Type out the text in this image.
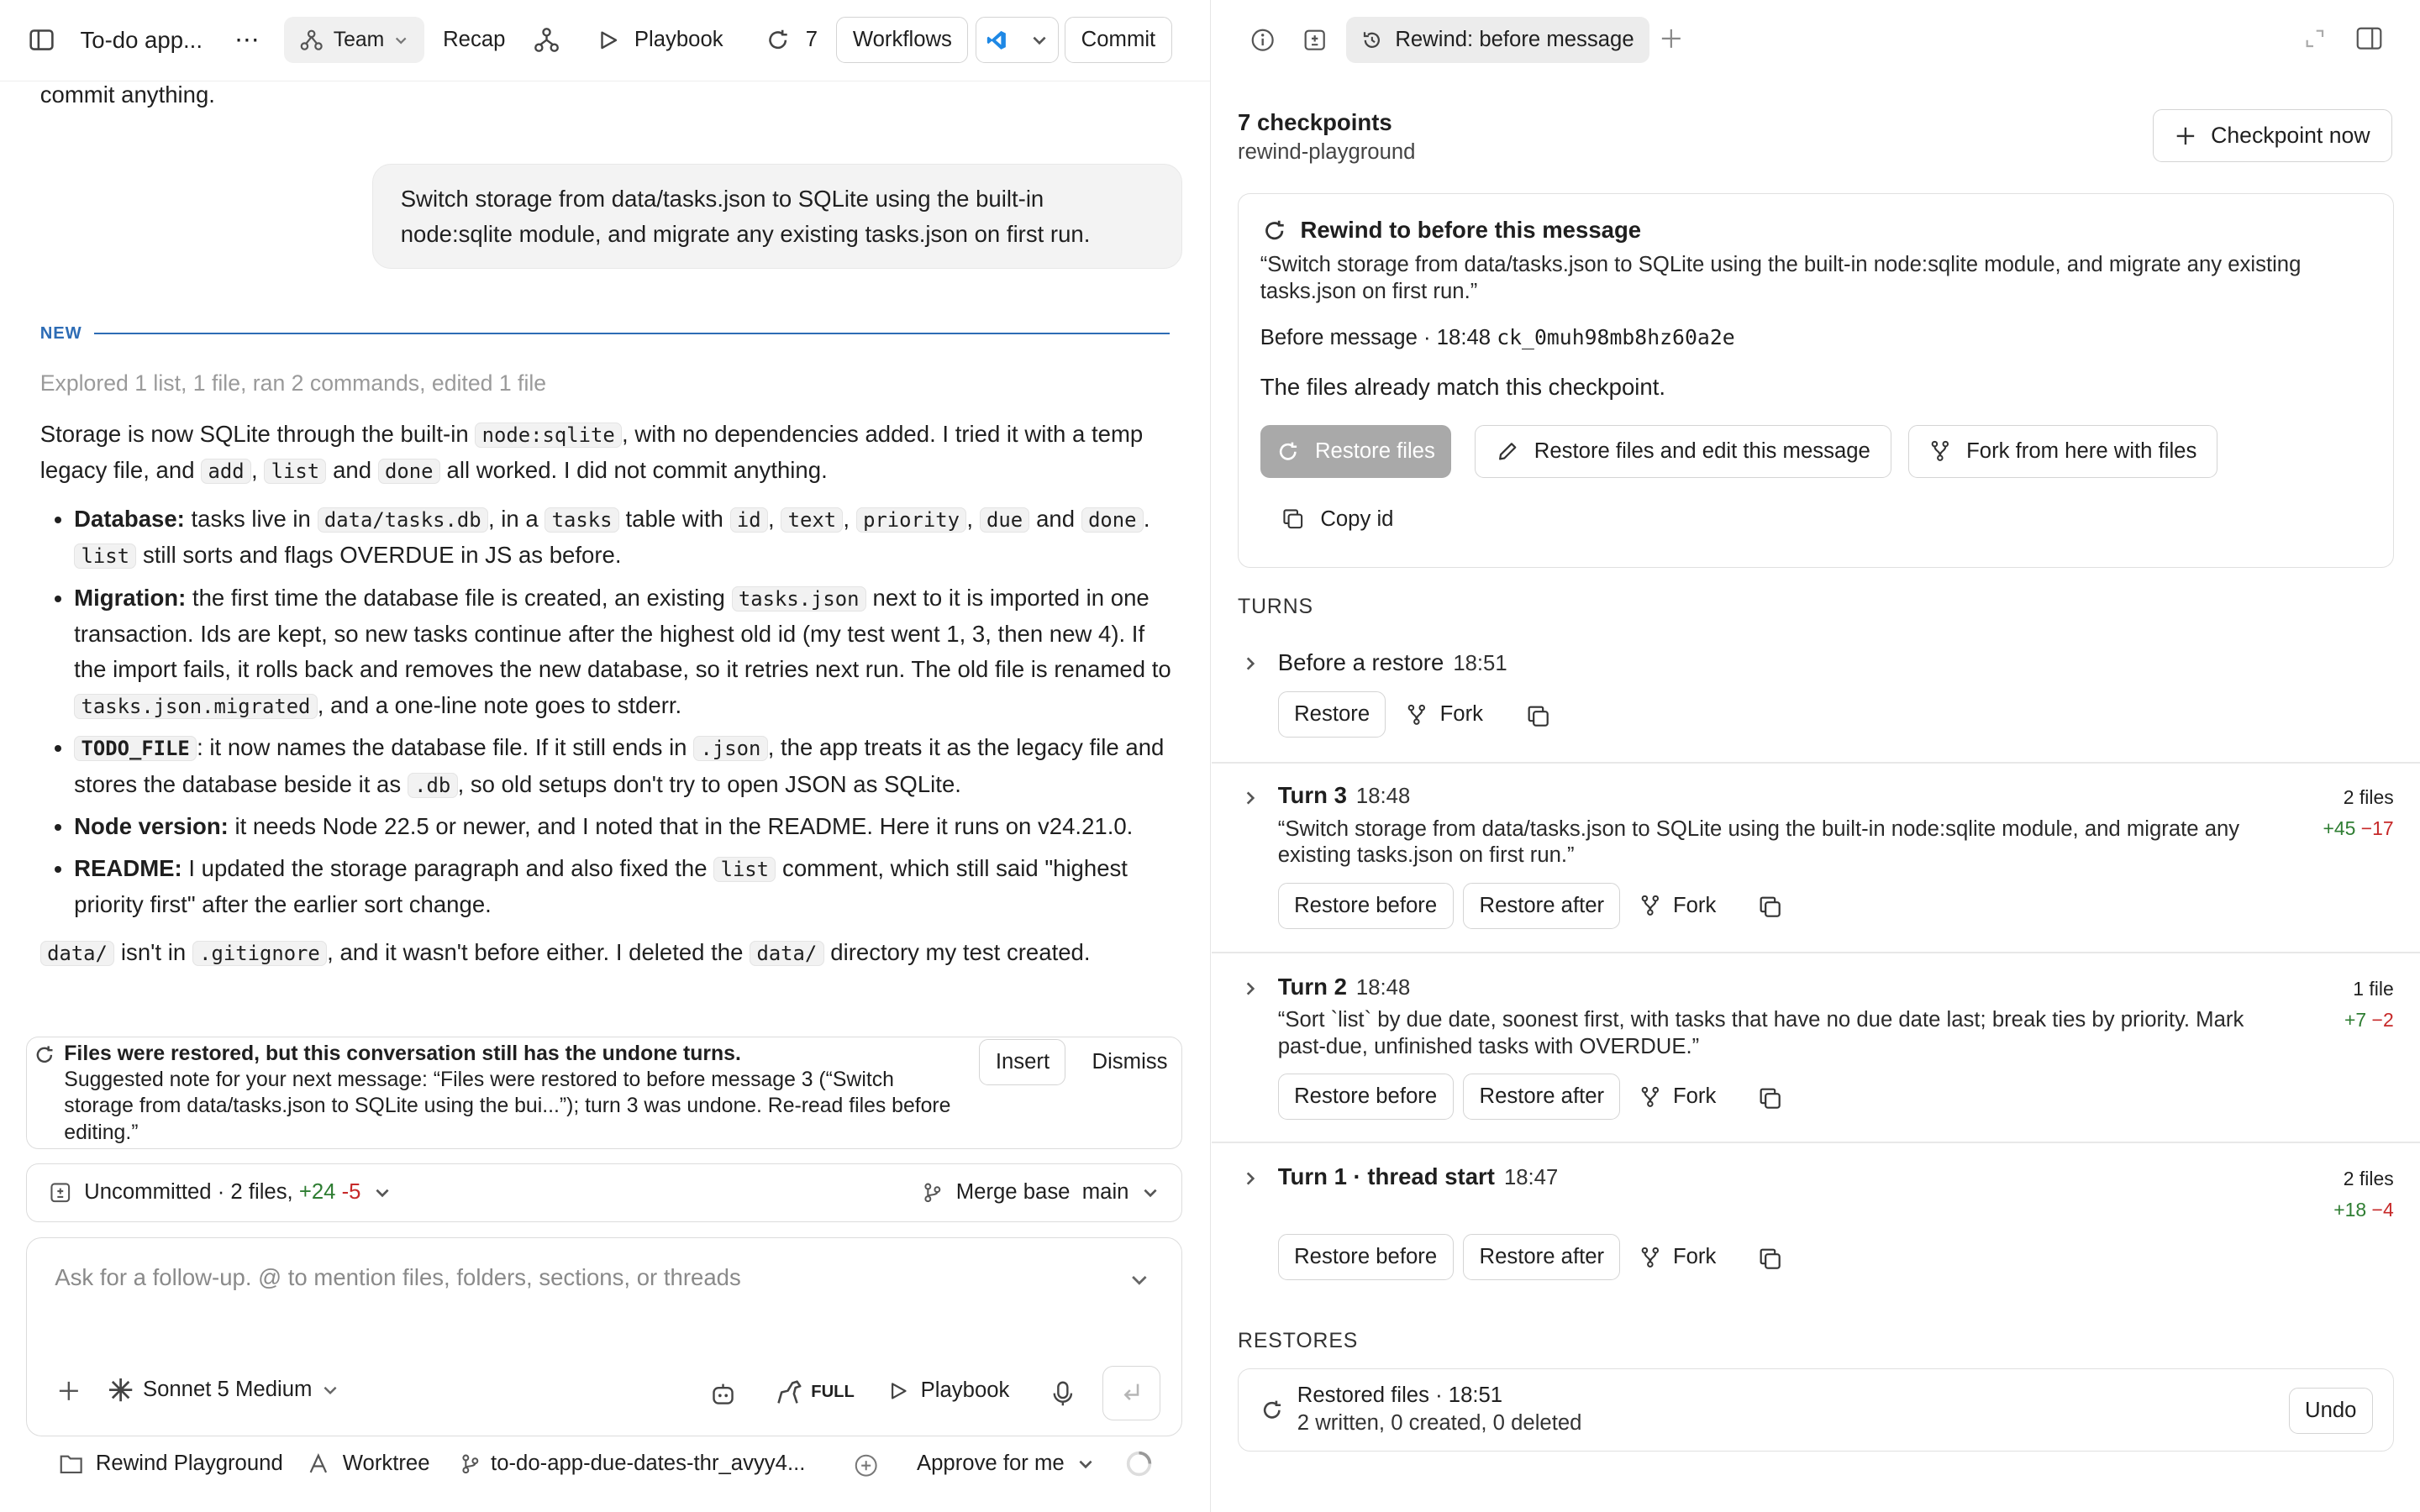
To-do app... ⋯	Team	Recap	Playbook	7	Workflows	Commit
commit anything.
Switch storage from data/tasks.json to SQLite using the built-in node:sqlite module, and migrate any existing tasks.json on first run.
NEW
Explored 1 list, 1 file, ran 2 commands, edited 1 file

Storage is now SQLite through the built-in node:sqlite , with no dependencies added. I tried it with a temp legacy file, and add , list and done all worked. I did not commit anything.

• Database: tasks live in data/tasks.db , in a tasks table with id , text , priority , due and done . list still sorts and flags OVERDUE in JS as before.
• Migration: the first time the database file is created, an existing tasks.json next to it is imported in one transaction. Ids are kept, so new tasks continue after the highest old id (my test went 1, 3, then new 4). If the import fails, it rolls back and removes the new database, so it retries next run. The old file is renamed to tasks.json.migrated , and a one-line note goes to stderr.
• TODO_FILE : it now names the database file. If it still ends in .json , the app treats it as the legacy file and stores the database beside it as .db , so old setups don't try to open JSON as SQLite.
• Node version: it needs Node 22.5 or newer, and I noted that in the README. Here it runs on v24.21.0.
• README: I updated the storage paragraph and also fixed the list comment, which still said "highest priority first" after the earlier sort change.

data/ isn't in .gitignore , and it wasn't before either. I deleted the data/ directory my test created.

Files were restored, but this conversation still has the undone turns.
Suggested note for your next message: “Files were restored to before message 3 (“Switch storage from data/tasks.json to SQLite using the bui...”); turn 3 was undone. Re-read files before editing.”
Insert	Dismiss
Uncommitted · 2 files, +24 -5	Merge base main
Ask for a follow-up. @ to mention files, folders, sections, or threads
Sonnet 5 Medium	FULL	Playbook
Rewind Playground	Worktree	to-do-app-due-dates-thr_avyy4...	Approve for me
Rewind: before message
7 checkpoints
rewind-playground
Checkpoint now
Rewind to before this message
“Switch storage from data/tasks.json to SQLite using the built-in node:sqlite module, and migrate any existing tasks.json on first run.”
Before message · 18:48 ck_0muh98mb8hz60a2e
The files already match this checkpoint.
Restore files	Restore files and edit this message	Fork from here with files
Copy id
TURNS
Before a restore 18:51
Restore	Fork
Turn 3 18:48
“Switch storage from data/tasks.json to SQLite using the built-in node:sqlite module, and migrate any existing tasks.json on first run.”
2 files
+45 −17
Restore before	Restore after	Fork
Turn 2 18:48
“Sort `list` by due date, soonest first, with tasks that have no due date last; break ties by priority. Mark past-due, unfinished tasks with OVERDUE.”
1 file
+7 −2
Restore before	Restore after	Fork
Turn 1 · thread start 18:47	2 files
+18 −4
Restore before	Restore after	Fork
RESTORES
Restored files · 18:51
2 written, 0 created, 0 deleted
Undo
